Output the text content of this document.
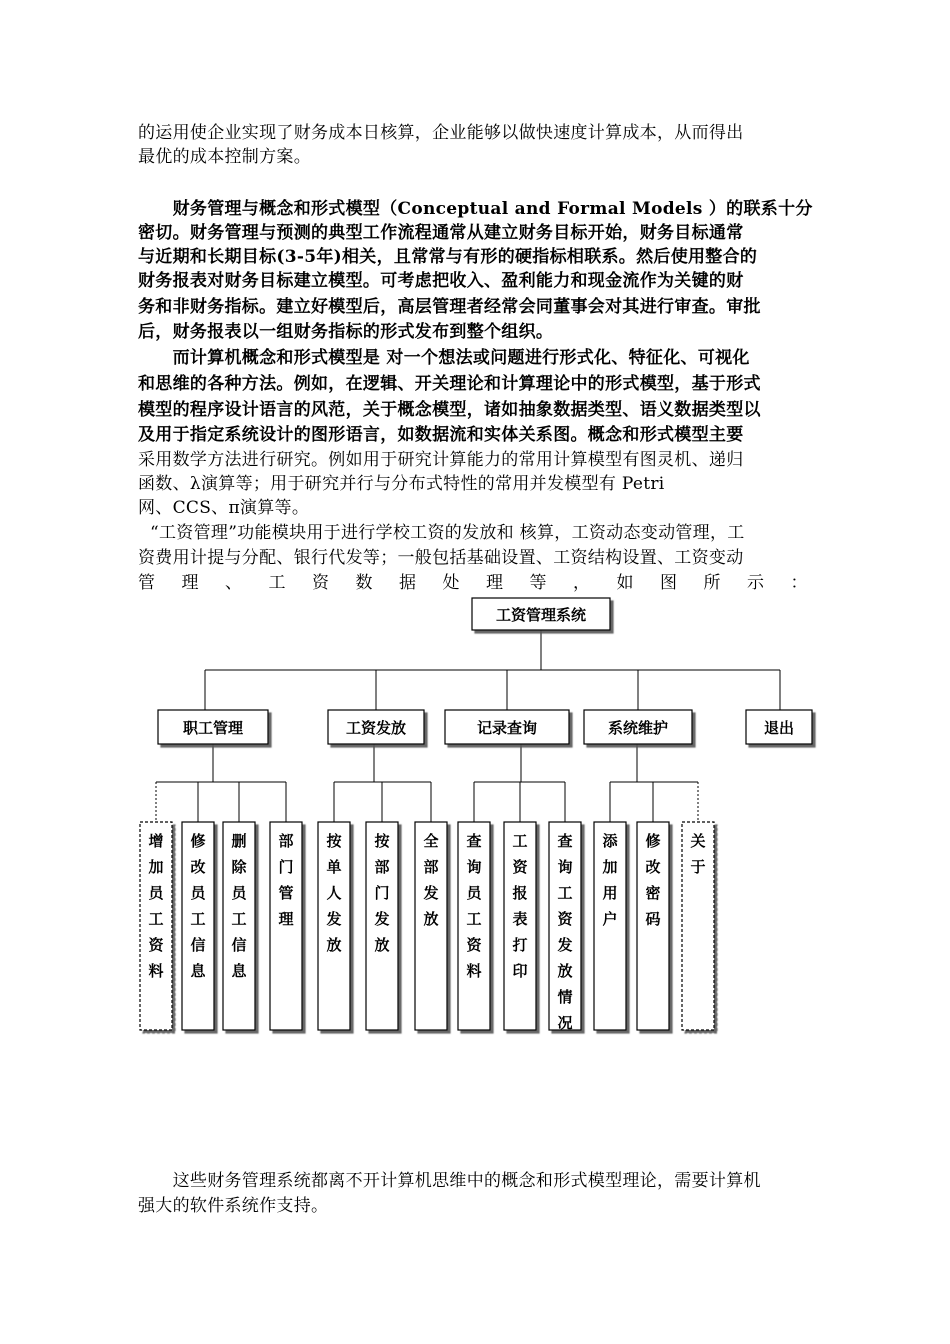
的运用使企业实现了财务成本日核算，企业能够以做快速度计算成本，从而得出
最优的成本控制方案。
　　财务管理与概念和形式模型（Conceptual and Formal Models ）的联系十分
密切。财务管理与预测的典型工作流程通常从建立财务目标开始，财务目标通常
与近期和长期目标(3-5年)相关，且常常与有形的硬指标相联系。然后使用整合的
财务报表对财务目标建立模型。可考虑把收入、盈利能力和现金流作为关键的财
务和非财务指标。建立好模型后，高层管理者经常会同董事会对其进行审查。审批
后，财务报表以一组财务指标的形式发布到整个组织。
　　而计算机概念和形式模型是 对一个想法或问题进行形式化、特征化、可视化
和思维的各种方法。例如，在逻辑、开关理论和计算理论中的形式模型，基于形式
模型的程序设计语言的风范，关于概念模型，诸如抽象数据类型、语义数据类型以
及用于指定系统设计的图形语言，如数据流和实体关系图。概念和形式模型主要
采用数学方法进行研究。例如用于研究计算能力的常用计算模型有图灵机、递归
函数、λ演算等；用于研究并行与分布式特性的常用并发模型有 Petri
网、CCS、π演算等。
“工资管理”功能模块用于进行学校工资的发放和 核算，工资动态变动管理，工
资费用计提与分配、银行代发等；一般包括基础设置、工资结构设置、工资变动
管 理 、 工 资 数 据 处 理 等 ， 如 图 所 示 ：
工资管理系统
职工管理
增加员工资料
修改员工信息
删除员工信息
部门管理
工资发放
按单人发放
按部门发放
全部发放
记录查询
查询员工资料
工资报表打印
查询工资发放情况
系统维护
添加用户
修改密码
关于
退出
　　这些财务管理系统都离不开计算机思维中的概念和形式模型理论，需要计算机
强大的软件系统作支持。
